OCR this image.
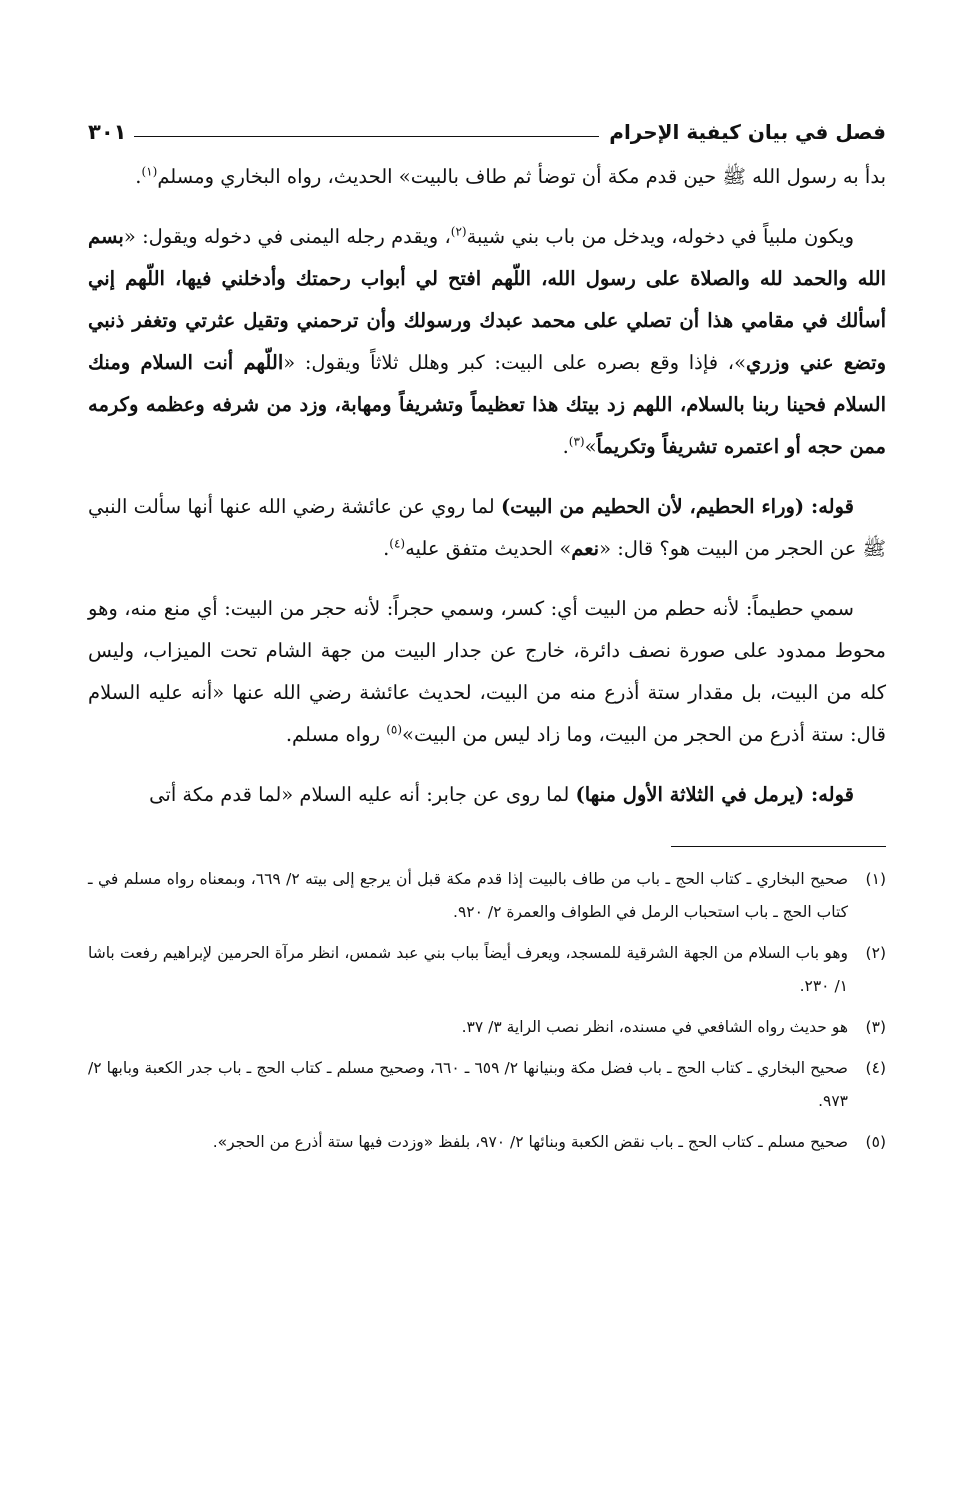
فصل في بيان كيفية الإحرام
٣٠١

بدأ به رسول الله ﷺ حين قدم مكة أن توضأ ثم طاف بالبيت» الحديث، رواه البخاري ومسلم$^{(١)}$.

ويكون ملبياً في دخوله، ويدخل من باب بني شيبة$^{(٢)}$، ويقدم رجله اليمنى في دخوله ويقول: «بسم الله والحمد لله والصلاة على رسول الله، اللّهم افتح لي أبواب رحمتك وأدخلني فيها، اللّهم إني أسألك في مقامي هذا أن تصلي على محمد عبدك ورسولك وأن ترحمني وتقيل عثرتي وتغفر ذنبي وتضع عني وزري»، فإذا وقع بصره على البيت: كبر وهلل ثلاثاً ويقول: «اللّهم أنت السلام ومنك السلام فحينا ربنا بالسلام، اللهم زد بيتك هذا تعظيماً وتشريفاً ومهابة، وزد من شرفه وعظمه وكرمه ممن حجه أو اعتمره تشريفاً وتكريماً»$^{(٣)}$.

قوله: (وراء الحطيم، لأن الحطيم من البيت) لما روي عن عائشة رضي الله عنها أنها سألت النبي ﷺ عن الحجر من البيت هو؟ قال: «نعم» الحديث متفق عليه$^{(٤)}$.

سمي حطيماً: لأنه حطم من البيت أي: كسر، وسمي حجراً: لأنه حجر من البيت: أي منع منه، وهو محوط ممدود على صورة نصف دائرة، خارج عن جدار البيت من جهة الشام تحت الميزاب، وليس كله من البيت، بل مقدار ستة أذرع منه من البيت، لحديث عائشة رضي الله عنها «أنه عليه السلام قال: ستة أذرع من الحجر من البيت، وما زاد ليس من البيت»$^{(٥)}$ رواه مسلم.

قوله: (يرمل في الثلاثة الأول منها) لما روى عن جابر: أنه عليه السلام «لما قدم مكة أتى

(١)
صحيح البخاري ـ كتاب الحج ـ باب من طاف بالبيت إذا قدم مكة قبل أن يرجع إلى بيته ٢/ ٦٦٩، وبمعناه رواه مسلم في ـ كتاب الحج ـ باب استحباب الرمل في الطواف والعمرة ٢/ ٩٢٠.
(٢)
وهو باب السلام من الجهة الشرقية للمسجد، ويعرف أيضاً بباب بني عبد شمس، انظر مرآة الحرمين لإبراهيم رفعت باشا ١/ ٢٣٠.
(٣)
هو حديث رواه الشافعي في مسنده، انظر نصب الراية ٣/ ٣٧.
(٤)
صحيح البخاري ـ كتاب الحج ـ باب فضل مكة وبنيانها ٢/ ٦٥٩ ـ ٦٦٠، وصحيح مسلم ـ كتاب الحج ـ باب جدر الكعبة وبابها ٢/ ٩٧٣.
(٥)
صحيح مسلم ـ كتاب الحج ـ باب نقض الكعبة وبنائها ٢/ ٩٧٠، بلفظ «وزدت فيها ستة أذرع من الحجر».
